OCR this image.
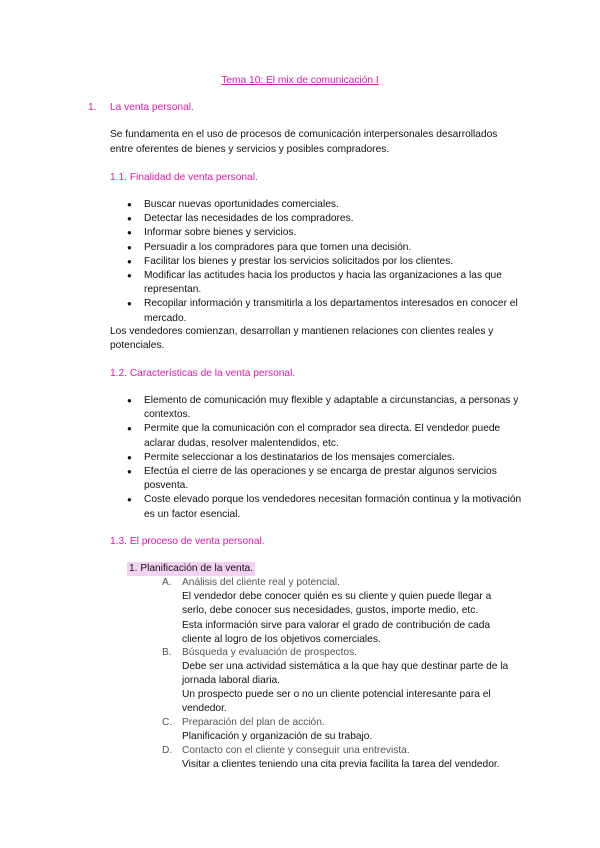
Tema 10: El mix de comunicación I
1. La venta personal.
Se fundamenta en el uso de procesos de comunicación interpersonales desarrollados
entre oferentes de bienes y servicios y posibles compradores.
1.1. Finalidad de venta personal.
● Buscar nuevas oportunidades comerciales.
● Detectar las necesidades de los compradores.
● Informar sobre bienes y servicios.
● Persuadir a los compradores para que tomen una decisión.
● Facilitar los bienes y prestar los servicios solicitados por los clientes.
● Modificar las actitudes hacia los productos y hacia las organizaciones a las que representan.
● Recopilar información y transmitirla a los departamentos interesados en conocer el mercado.
Los vendedores comienzan, desarrollan y mantienen relaciones con clientes reales y
potenciales.
1.2. Características de la venta personal.
● Elemento de comunicación muy flexible y adaptable a circunstancias, a personas y contextos.
● Permite que la comunicación con el comprador sea directa. El vendedor puede aclarar dudas, resolver malentendidos, etc.
● Permite seleccionar a los destinatarios de los mensajes comerciales.
● Efectúa el cierre de las operaciones y se encarga de prestar algunos servicios posventa.
● Coste elevado porque los vendedores necesitan formación continua y la motivación es un factor esencial.
1.3. El proceso de venta personal.
1. Planificación de la venta.
A. Análisis del cliente real y potencial.
El vendedor debe conocer quién es su cliente y quien puede llegar a
serlo, debe conocer sus necesidades, gustos, importe medio, etc.
Esta información sirve para valorar el grado de contribución de cada
cliente al logro de los objetivos comerciales.
B. Búsqueda y evaluación de prospectos.
Debe ser una actividad sistemática a la que hay que destinar parte de la
jornada laboral diaria.
Un prospecto puede ser o no un cliente potencial interesante para el
vendedor.
C. Preparación del plan de acción.
Planificación y organización de su trabajo.
D. Contacto con el cliente y conseguir una entrevista.
Visitar a clientes teniendo una cita previa facilita la tarea del vendedor.
